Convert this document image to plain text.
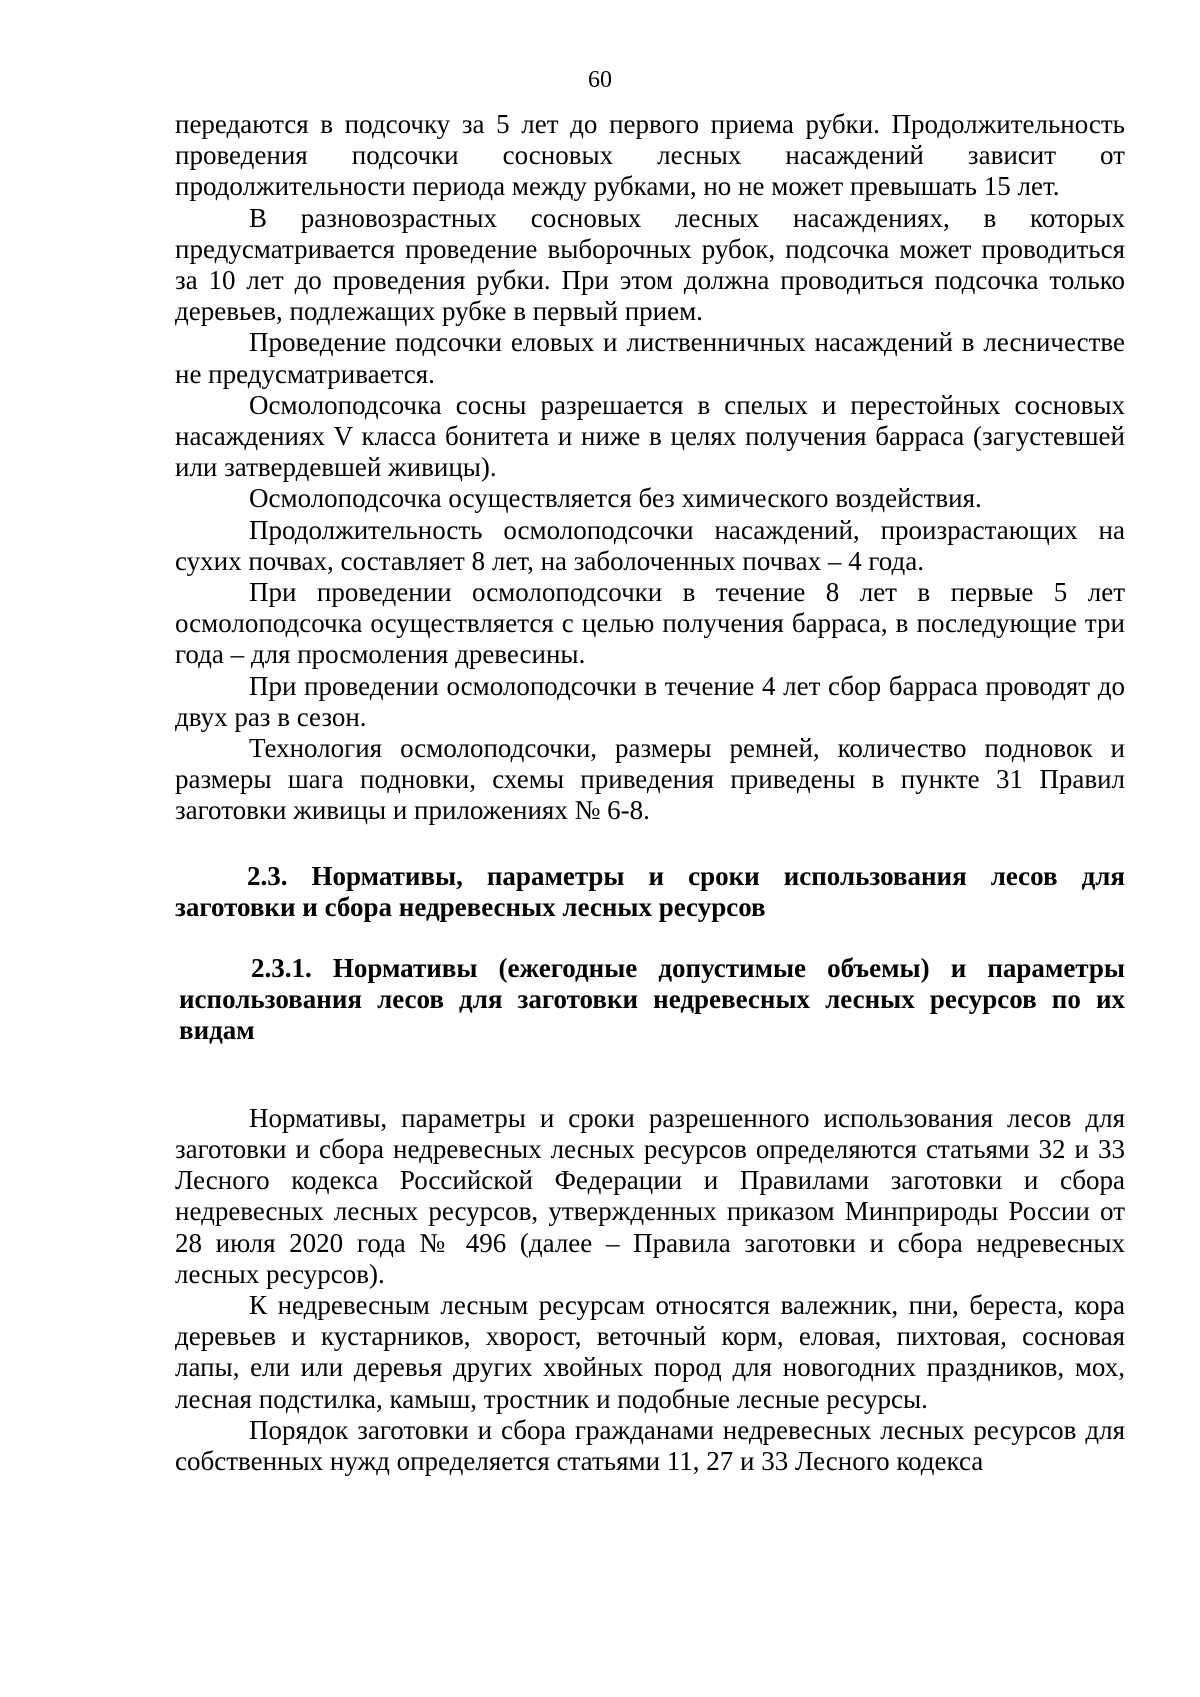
60

передаются в подсочку за 5 лет до первого приема рубки. Продолжительность проведения подсочки сосновых лесных насаждений зависит от продолжительности периода между рубками, но не может превышать 15 лет.

В разновозрастных сосновых лесных насаждениях, в которых предусматривается проведение выборочных рубок, подсочка может проводиться за 10 лет до проведения рубки. При этом должна проводиться подсочка только деревьев, подлежащих рубке в первый прием.

Проведение подсочки еловых и лиственничных насаждений в лесничестве не предусматривается.

Осмолоподсочка сосны разрешается в спелых и перестойных сосновых насаждениях V класса бонитета и ниже в целях получения барраса (загустевшей или затвердевшей живицы).

Осмолоподсочка осуществляется без химического воздействия.

Продолжительность осмолоподсочки насаждений, произрастающих на сухих почвах, составляет 8 лет, на заболоченных почвах – 4 года.

При проведении осмолоподсочки в течение 8 лет в первые 5 лет осмолоподсочка осуществляется с целью получения барраса, в последующие три года – для просмоления древесины.

При проведении осмолоподсочки в течение 4 лет сбор барраса проводят до двух раз в сезон.

Технология осмолоподсочки, размеры ремней, количество подновок и размеры шага подновки, схемы приведения приведены в пункте 31 Правил заготовки живицы и приложениях № 6-8.

2.3. Нормативы, параметры и сроки использования лесов для заготовки и сбора недревесных лесных ресурсов

2.3.1. Нормативы (ежегодные допустимые объемы) и параметры использования лесов для заготовки недревесных лесных ресурсов по их видам

Нормативы, параметры и сроки разрешенного использования лесов для заготовки и сбора недревесных лесных ресурсов определяются статьями 32 и 33 Лесного кодекса Российской Федерации и Правилами заготовки и сбора недревесных лесных ресурсов, утвержденных приказом Минприроды России от 28 июля 2020 года № 496 (далее – Правила заготовки и сбора недревесных лесных ресурсов).

К недревесным лесным ресурсам относятся валежник, пни, береста, кора деревьев и кустарников, хворост, веточный корм, еловая, пихтовая, сосновая лапы, ели или деревья других хвойных пород для новогодних праздников, мох, лесная подстилка, камыш, тростник и подобные лесные ресурсы.

Порядок заготовки и сбора гражданами недревесных лесных ресурсов для собственных нужд определяется статьями 11, 27 и 33 Лесного кодекса
